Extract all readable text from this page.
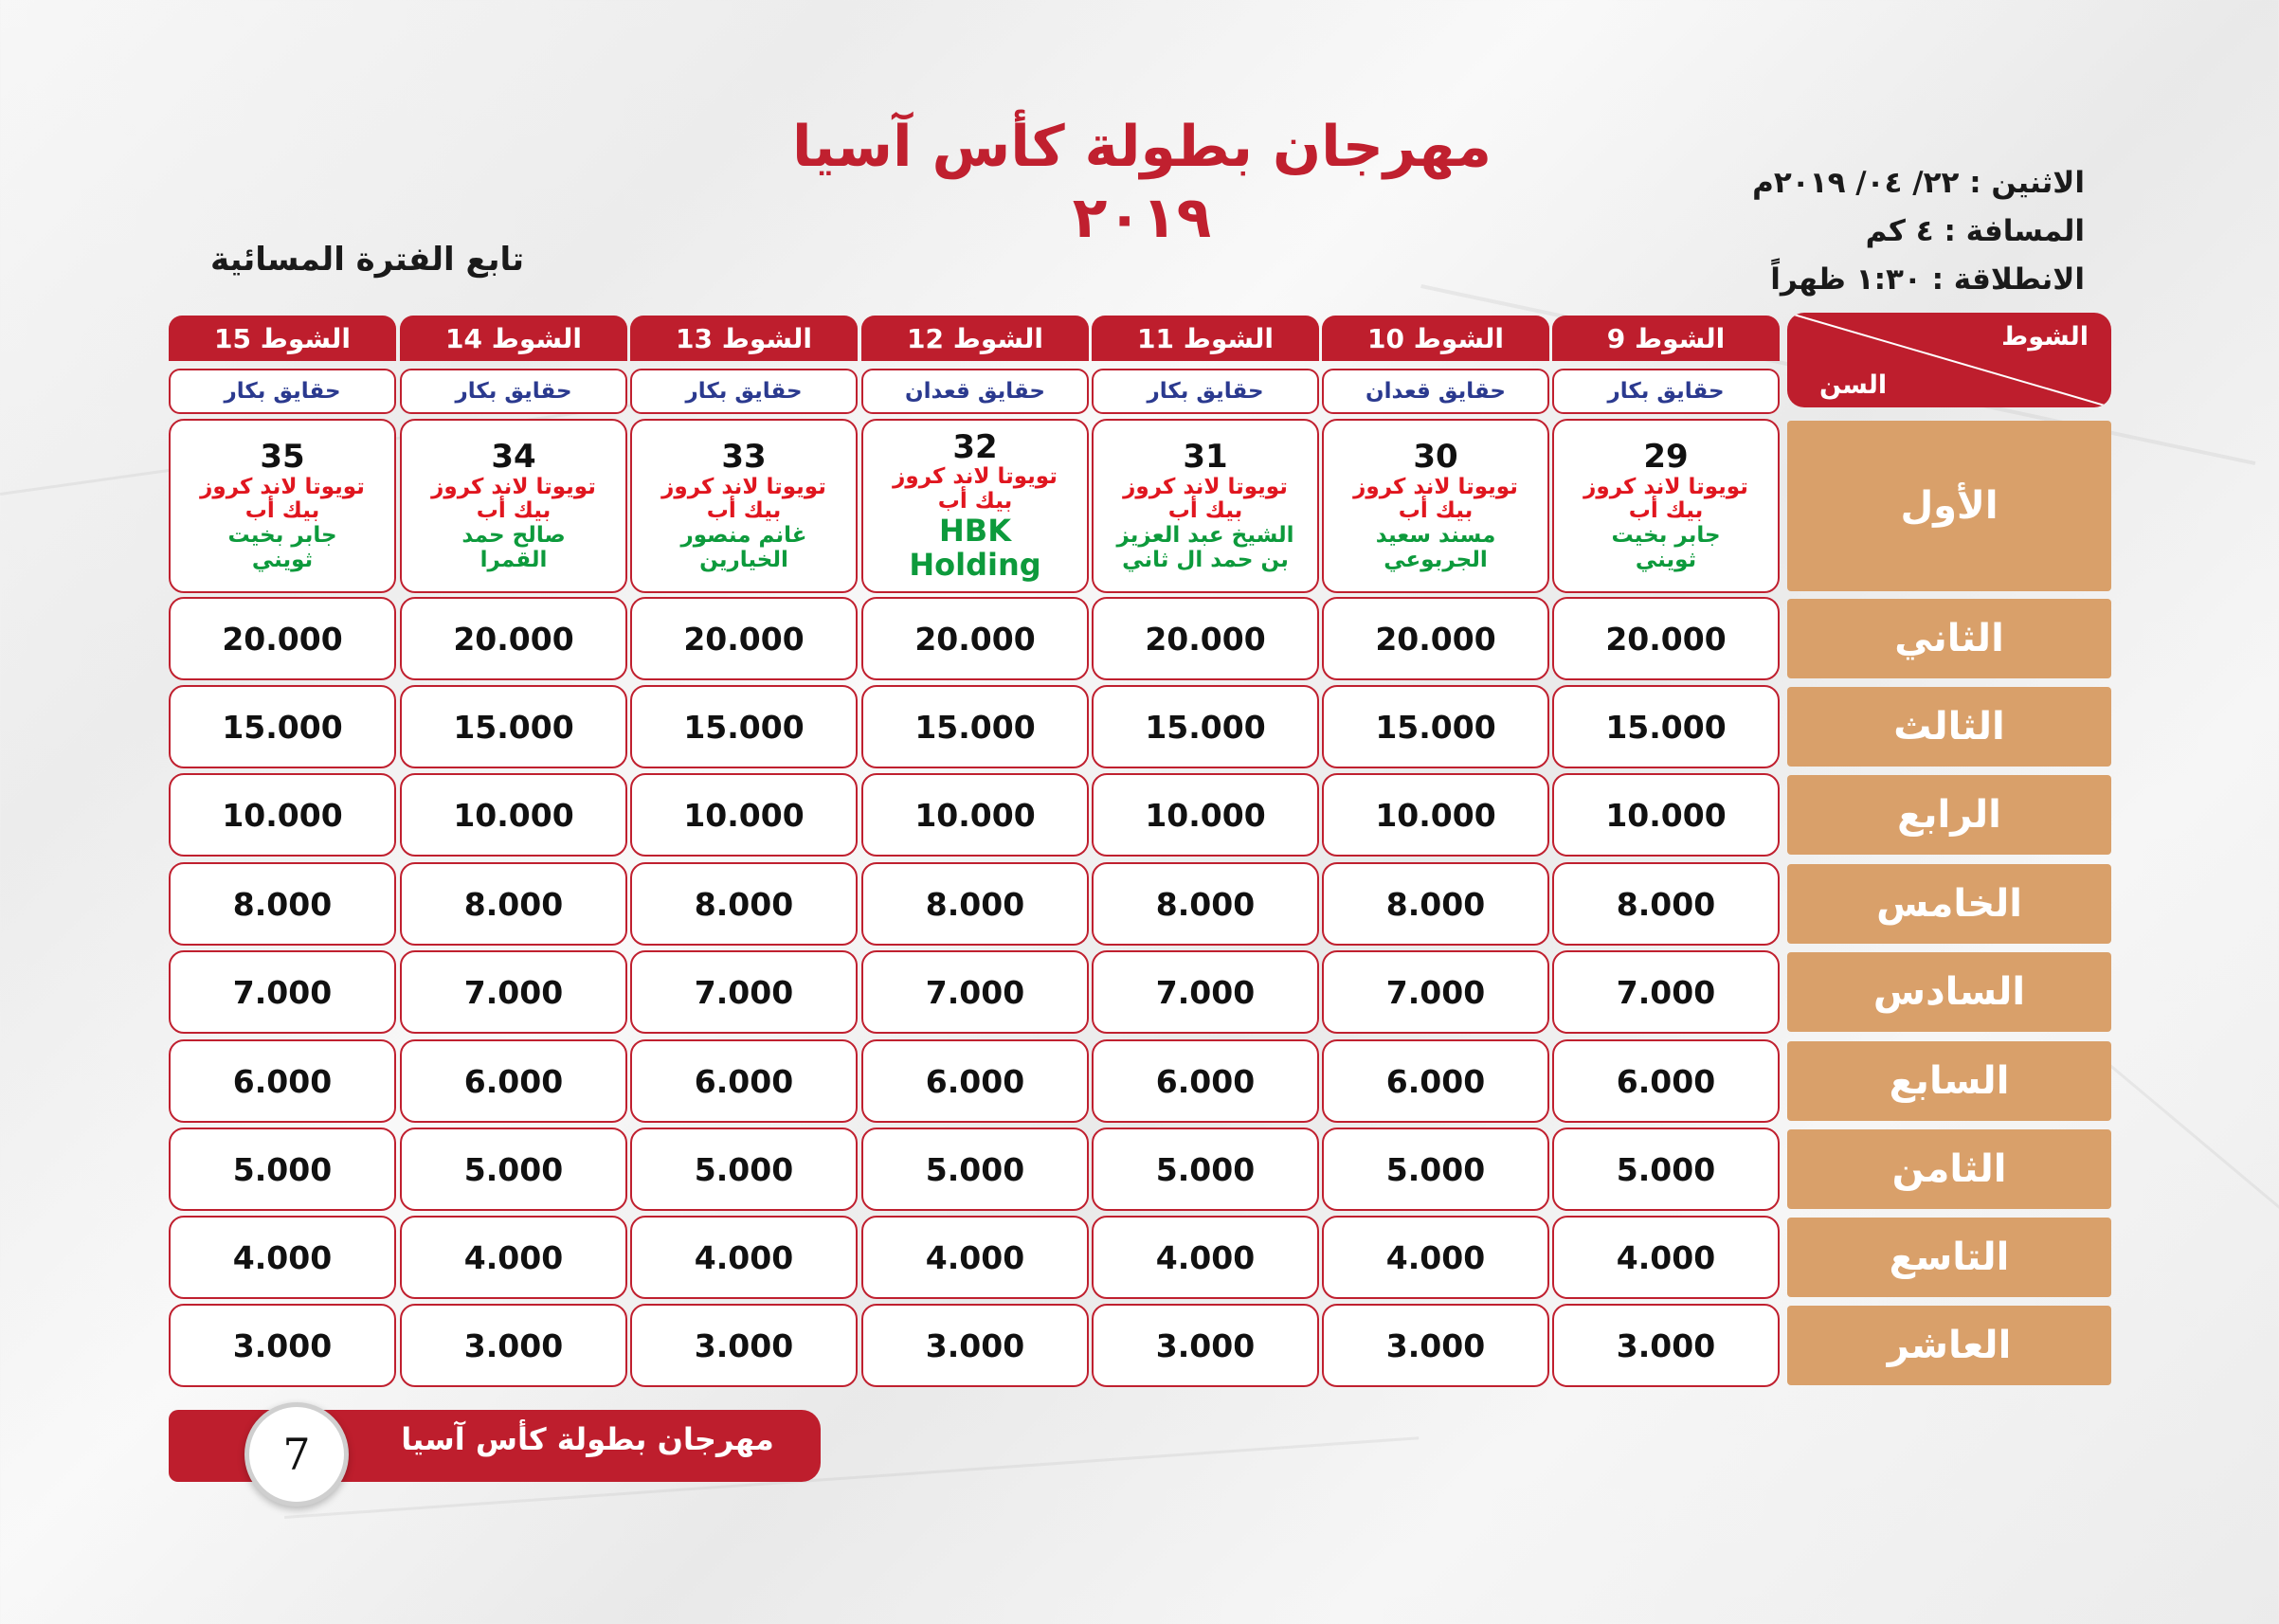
مهرجان بطولة كأس آسيا
٢٠١٩
الاثنين : ٢٢/ ٠٤/ ٢٠١٩م
المسافة : ٤ كم
الانطلاقة : ١:٣٠ ظهراً
تابع الفترة المسائية
الشوط
السن
الشوط 9
حقايق بكار
29
تويوتا لاند كروز
بيك أب
جابر بخيت
ثويني
20.000
15.000
10.000
8.000
7.000
6.000
5.000
4.000
3.000
الشوط 10
حقايق قعدان
30
تويوتا لاند كروز
بيك أب
مسند سعيد
الجربوعي
20.000
15.000
10.000
8.000
7.000
6.000
5.000
4.000
3.000
الشوط 11
حقايق بكار
31
تويوتا لاند كروز
بيك أب
الشيخ عبد العزيز
بن حمد ال ثاني
20.000
15.000
10.000
8.000
7.000
6.000
5.000
4.000
3.000
الشوط 12
حقايق قعدان
32
تويوتا لاند كروز
بيك أب
HBK
Holding
20.000
15.000
10.000
8.000
7.000
6.000
5.000
4.000
3.000
الشوط 13
حقايق بكار
33
تويوتا لاند كروز
بيك أب
غانم منصور
الخيارين
20.000
15.000
10.000
8.000
7.000
6.000
5.000
4.000
3.000
الشوط 14
حقايق بكار
34
تويوتا لاند كروز
بيك أب
صالح حمد
القمرا
20.000
15.000
10.000
8.000
7.000
6.000
5.000
4.000
3.000
الشوط 15
حقايق بكار
35
تويوتا لاند كروز
بيك أب
جابر بخيت
ثويني
20.000
15.000
10.000
8.000
7.000
6.000
5.000
4.000
3.000
الأول
الثاني
الثالث
الرابع
الخامس
السادس
السابع
الثامن
التاسع
العاشر
مهرجان بطولة كأس آسيا
7
